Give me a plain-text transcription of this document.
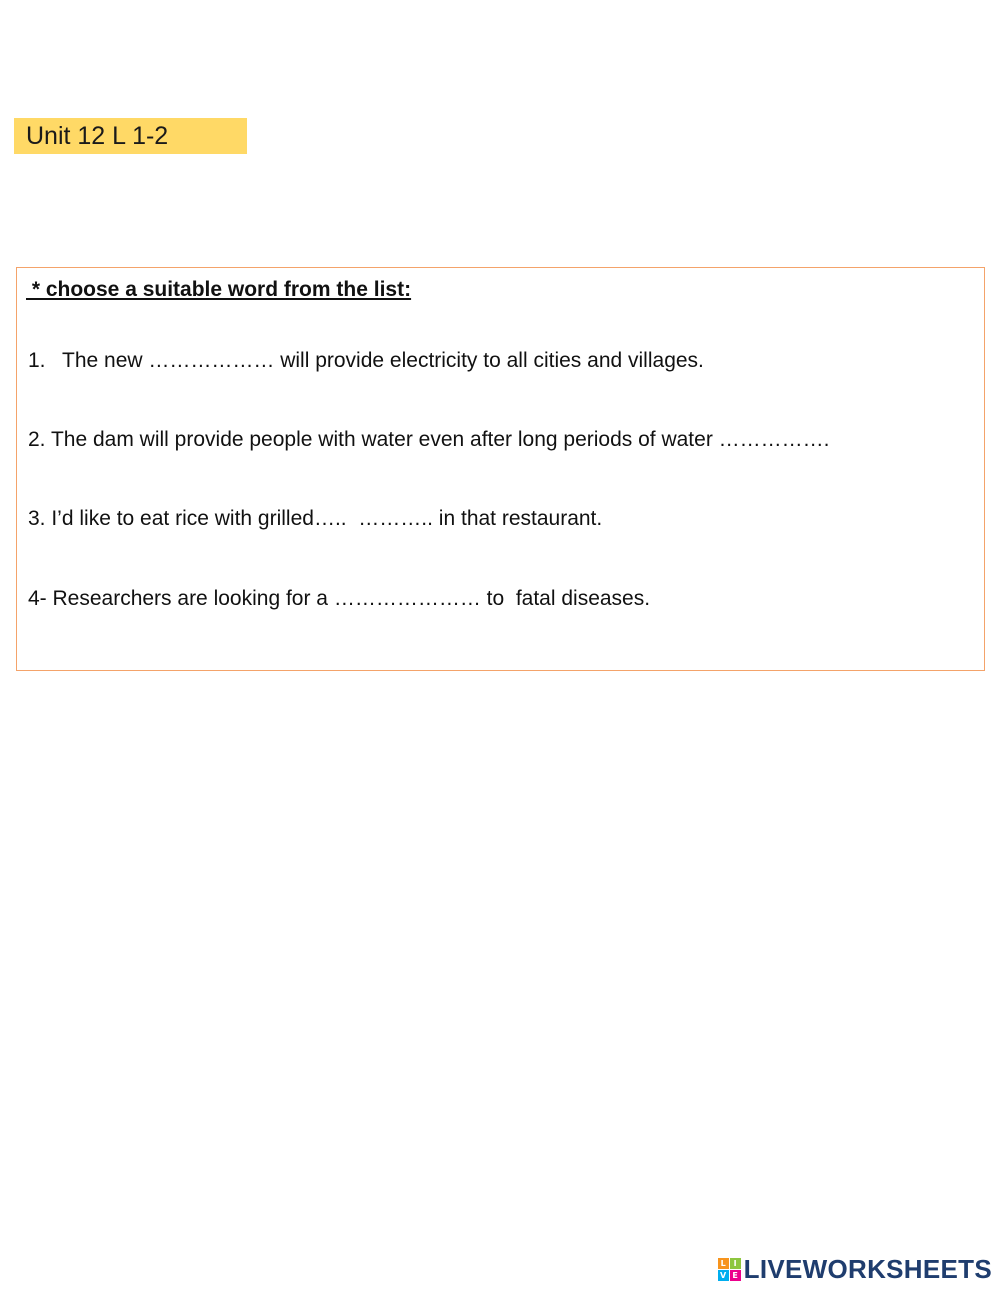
Unit 12 L 1-2
* choose a suitable word from the list:
1. The new ……………… will provide electricity to all cities and villages.
2. The dam will provide people with water even after long periods of water …………….
3. I’d like to eat rice with grilled…..  ……….. in that restaurant.
4- Researchers are looking for a ………………… to  fatal diseases.
L I
V E LIVEWORKSHEETS
